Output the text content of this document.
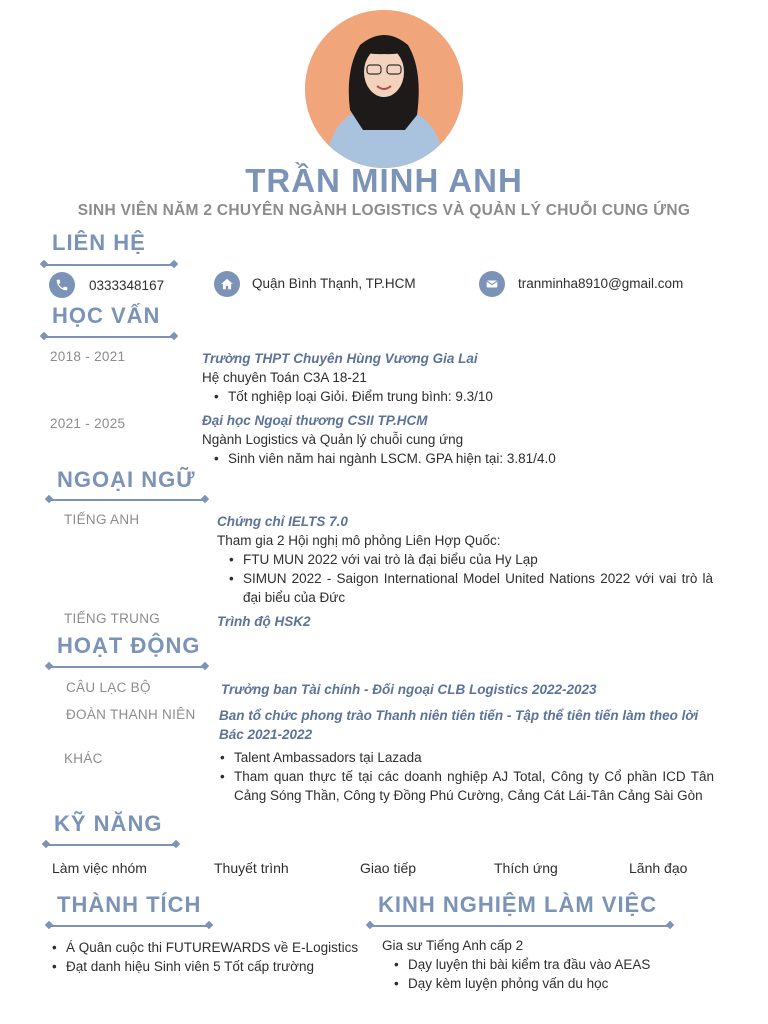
TRẦN MINH ANH
SINH VIÊN NĂM 2 CHUYÊN NGÀNH LOGISTICS VÀ QUẢN LÝ CHUỖI CUNG ỨNG
LIÊN HỆ
0333348167	Quận Bình Thạnh, TP.HCM	tranminha8910@gmail.com
HỌC VẤN
2018 - 2021	Trường THPT Chuyên Hùng Vương Gia Lai
Hệ chuyên Toán C3A 18-21
• Tốt nghiệp loại Giỏi. Điểm trung bình: 9.3/10
2021 - 2025	Đại học Ngoại thương CSII TP.HCM
Ngành Logistics và Quản lý chuỗi cung ứng
• Sinh viên năm hai ngành LSCM. GPA hiện tại: 3.81/4.0
NGOẠI NGỮ
TIẾNG ANH	Chứng chỉ IELTS 7.0
Tham gia 2 Hội nghị mô phỏng Liên Hợp Quốc:
• FTU MUN 2022 với vai trò là đại biểu của Hy Lạp
• SIMUN 2022 - Saigon International Model United Nations 2022 với vai trò là đại biểu của Đức
TIẾNG TRUNG	Trình độ HSK2
HOẠT ĐỘNG
CÂU LẠC BỘ	Trưởng ban Tài chính - Đối ngoại CLB Logistics 2022-2023
ĐOÀN THANH NIÊN	Ban tổ chức phong trào Thanh niên tiên tiến - Tập thể tiên tiến làm theo lời Bác 2021-2022
KHÁC
•	Talent Ambassadors tại Lazada
• Tham quan thực tế tại các doanh nghiệp AJ Total, Công ty Cổ phần ICD Tân Cảng Sóng Thần, Công ty Đồng Phú Cường, Cảng Cát Lái-Tân Cảng Sài Gòn
KỸ NĂNG
Làm việc nhóm	Thuyết trình	Giao tiếp	Thích ứng	Lãnh đạo
THÀNH TÍCH
• Á Quân cuộc thi FUTUREWARDS về E-Logistics
• Đạt danh hiệu Sinh viên 5 Tốt cấp trường
KINH NGHIỆM LÀM VIỆC
Gia sư Tiếng Anh cấp 2
• Dạy luyện thi bài kiểm tra đầu vào AEAS
• Dạy kèm luyện phỏng vấn du học
